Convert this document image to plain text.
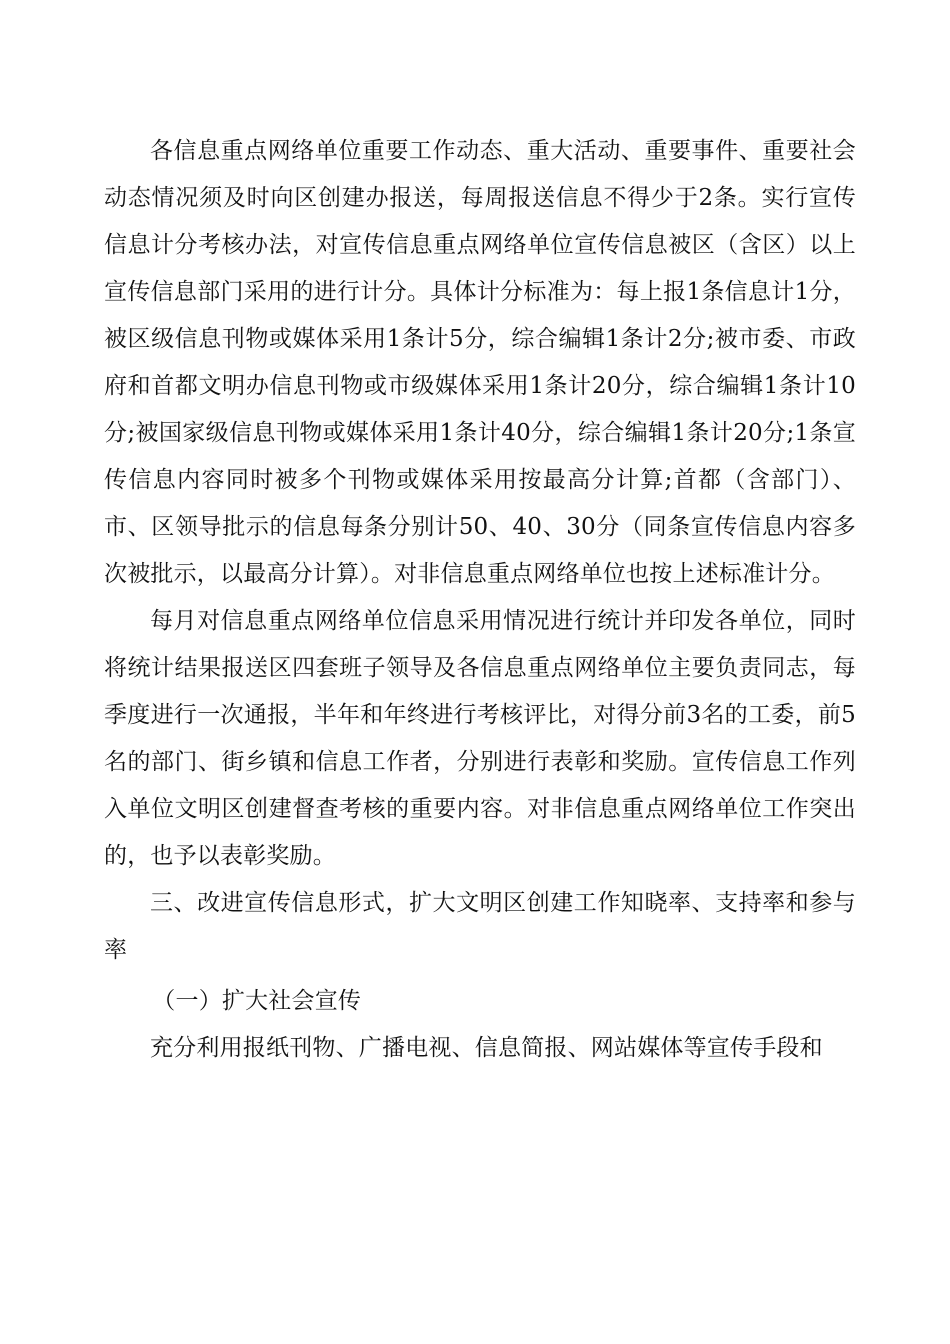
各信息重点网络单位重要工作动态、重大活动、重要事件、重要社会动态情况须及时向区创建办报送，每周报送信息不得少于2条。实行宣传信息计分考核办法，对宣传信息重点网络单位宣传信息被区（含区）以上宣传信息部门采用的进行计分。具体计分标准为：每上报1条信息计1分，被区级信息刊物或媒体采用1条计5分，综合编辑1条计2分;被市委、市政府和首都文明办信息刊物或市级媒体采用1条计20分，综合编辑1条计10分;被国家级信息刊物或媒体采用1条计40分，综合编辑1条计20分;1条宣传信息内容同时被多个刊物或媒体采用按最高分计算;首都（含部门）、市、区领导批示的信息每条分别计50、40、30分（同条宣传信息内容多次被批示，以最高分计算）。对非信息重点网络单位也按上述标准计分。

每月对信息重点网络单位信息采用情况进行统计并印发各单位，同时将统计结果报送区四套班子领导及各信息重点网络单位主要负责同志，每季度进行一次通报，半年和年终进行考核评比，对得分前3名的工委，前5名的部门、街乡镇和信息工作者，分别进行表彰和奖励。宣传信息工作列入单位文明区创建督查考核的重要内容。对非信息重点网络单位工作突出的，也予以表彰奖励。

三、改进宣传信息形式，扩大文明区创建工作知晓率、支持率和参与率

（一）扩大社会宣传

充分利用报纸刊物、广播电视、信息简报、网站媒体等宣传手段和
